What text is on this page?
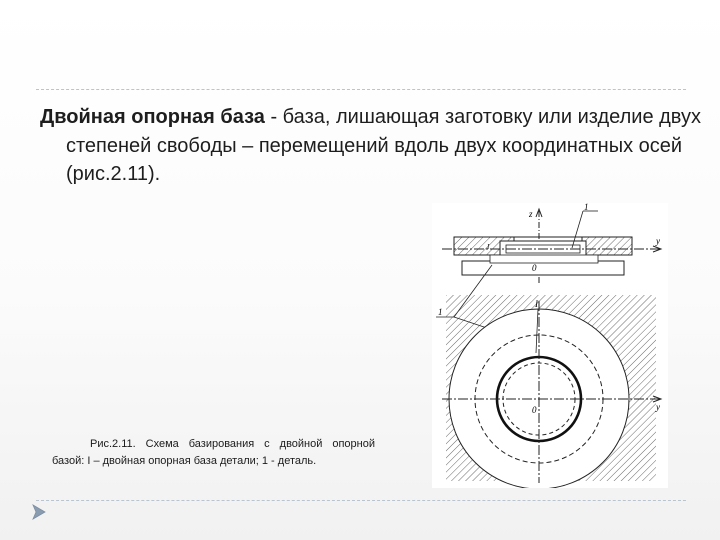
Двойная опорная база - база, лишающая заготовку или изделие двух степеней свободы – перемещений вдоль двух координатных осей (рис.2.11).
z
y
0
1
I
1
y
0
I
Рис.2.11. Схема базирования с двойной опорной базой: I – двойная опорная база детали; 1 - деталь.
